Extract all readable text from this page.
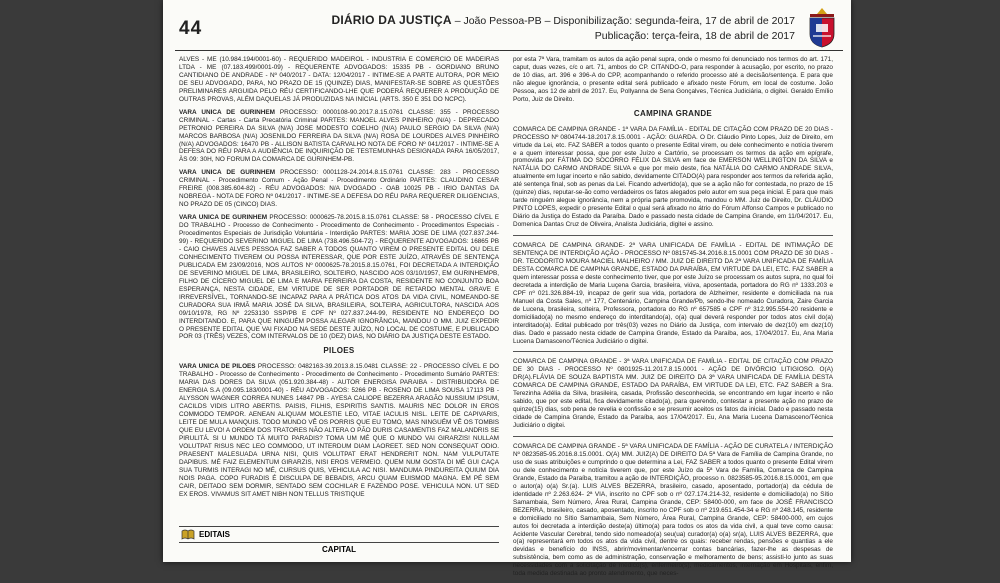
44	DIÁRIO DA JUSTIÇA – João Pessoa-PB – Disponibilização: segunda-feira, 17 de abril de 2017
Publicação: terça-feira, 18 de abril de 2017

ALVES - ME (10.984.194/0001-60) - REQUERIDO MADEIROL - INDUSTRIA E COMERCIO DE MADEIRAS LTDA - ME (07.183.499/0001-09) - REQUERENTE ADVOGADOS: 15335 PB - GORDIANO BRUNO CANTIDIANO DE ANDRADE - Nº 040/2017 - DATA: 12/04/2017 - INTIME-SE A PARTE AUTORA, POR MEIO DE SEU ADVOGADO, PARA, NO PRAZO DE 15 (QUINZE) DIAS, MANIFESTAR-SE SOBRE AS QUESTÕES PRELIMINARES ARGUIDA PELO RÉU CERTIFICANDO-LHE QUE PODERÁ REQUERER A PRODUÇÃO DE OUTRAS PROVAS, ALÉM DAQUELAS JÁ PRODUZIDAS NA INICIAL (ARTS. 350 E 351 DO NCPC).

VARA UNICA DE GURINHEM PROCESSO: 0000108-90.2017.8.15.0761 CLASSE: 355 - PROCESSO CRIMINAL - Cartas - Carta Precatória Criminal PARTES: MANOEL ALVES PINHEIRO (N/A) - DEPRECADO PETRONIO PEREIRA DA SILVA (N/A) JOSE MODESTO COELHO (N/A) PAULO SERGIO DA SILVA (N/A) MARCOS BARBOSA (N/A) JOSENILDO FERREIRA DA SILVA (N/A) ROSA DE LOURDES ALVES PINHEIRO (N/A) ADVOGADOS: 16470 PB - ALLISON BATISTA CARVALHO NOTA DE FORO Nº 041/2017 - INTIME-SE A DEFESA DO RÉU PARA A AUDIÊNCIA DE INQUIRIÇÃO DE TESTEMUNHAS DESIGNADA PARA 16/05/2017, ÀS 09: 30H, NO FORUM DA COMARCA DE GURINHEM-PB.

VARA UNICA DE GURINHEM PROCESSO: 0001128-24.2014.8.15.0761 CLASSE: 283 - PROCESSO CRIMINAL - Procedimento Comum - Ação Penal - Procedimento Ordinário PARTES: CLAUDINO CESAR FREIRE (008.385.604-82) - RÉU ADVOGADOS: N/A DVOGADO - OAB 10025 PB - IRIO DANTAS DA NOBREGA - NOTA DE FORO Nº 041/2017 - INTIME-SE A DEFESA DO RÉU PARA REQUERER DILIGENCIAS, NO PRAZO DE 05 (CINCO) DIAS.

VARA UNICA DE GURINHEM PROCESSO: 0000625-78.2015.8.15.0761 CLASSE: 58 - PROCESSO CÍVEL E DO TRABALHO - Processo de Conhecimento - Procedimento de Conhecimento - Procedimentos Especiais - Procedimentos Especiais de Jurisdição Voluntária - Interdição PARTES: MARIA JOSE DE LIMA (027.837.244-99) - REQUERIDO SEVERINO MIGUEL DE LIMA (738.496.504-72) - REQUERENTE ADVOGADOS: 16865 PB - CAIO CHAVES ALVES PESSOA FAZ SABER A TODOS QUANTO VIREM O PRESENTE EDITAL OU DELE CONHECIMENTO TIVEREM OU POSSA INTERESSAR, QUE POR ESTE JUÍZO, ATRAVÉS DE SENTENÇA PUBLICADA EM 23/09/2016, NOS AUTOS Nº 0000625-78.2015.8.15.0761, FOI DECRETADA A INTERDIÇÃO DE SEVERINO MIGUEL DE LIMA, BRASILEIRO, SOLTEIRO, NASCIDO AOS 03/10/1957, EM GURINHEMPB, FILHO DE CÍCERO MIGUEL DE LIMA E MARIA FERREIRA DA COSTA, RESIDENTE NO CONJUNTO BOA ESPERANÇA, NESTA CIDADE, EM VIRTUDE DE SER PORTADOR DE RETARDO MENTAL GRAVE E IRREVERSÍVEL, TORNANDO-SE INCAPAZ PARA A PRÁTICA DOS ATOS DA VIDA CIVIL, NOMEANDO-SE CURADORA SUA IRMÃ MARIA JOSÉ DA SILVA, BRASILEIRA, SOLTEIRA, AGRICULTORA, NASCIDA AOS 09/10/1978, RG Nº 2253130 SSP/PB E CPF Nº 027.837.244-99, RESIDENTE NO ENDEREÇO DO INTERDITANDO. E, PARA QUE NINGUÉM POSSA ALEGAR IGNORÂNCIA, MANDOU O MM. JUIZ EXPEDIR O PRESENTE EDITAL QUE VAI FIXADO NA SEDE DESTE JUÍZO, NO LOCAL DE COSTUME, E PUBLICADO POR 03 (TRÊS) VEZES, COM INTERVALOS DE 10 (DEZ) DIAS, NO DIÁRIO DA JUSTIÇA DESTE ESTADO.

PILOES

VARA UNICA DE PILOES PROCESSO: 0482163-39.2013.8.15.0481 CLASSE: 22 - PROCESSO CÍVEL E DO TRABALHO - Processo de Conhecimento - Procedimento de Conhecimento - Procedimento Sumário PARTES: MARIA DAS DORES DA SILVA (051.920.384-48) - AUTOR ENERGISA PARAIBA - DISTRIBUIDORA DE ENERGIA S.A (09.095.183/0001-40) - RÉU ADVOGADOS: 5266 PB - ROSENO DE LIMA SOUSA 17113 PB - ALYSSON WAGNER CORREA NUNES 14847 PB - AYESA CALIOPE BEZERRA ARAGÃO NUSSIUM IPSUM, CACILDS VIDIS LITRO ABERTIS. PAISIS, FILHIS, ESPIRITIS SANTIS. MAURIS NEC DOLOR IN EROS COMMODO TEMPOR. AENEAN ALIQUAM MOLESTIE LEO, VITAE IACULIS NISL. LEITE DE CAPIVARIS, LEITE DE MULA MANQUIS. TODO MUNDO VÊ OS PORRIS QUE EU TOMO, MAS NINGUÉM VÊ OS TOMBIS QUE EU LEVO! A ORDEM DOS TRATORES NÃO ALTERA O PÃO DURIS CASAMENTIS FAZ MALANDRIS SE PIRULITÁ. SI U MUNDO TÁ MUITO PARADIS? TOMA UM MÉ QUE O MUNDO VAI GIRARZIS! NULLAM VOLUTPAT RISUS NEC LEO COMMODO, UT INTERDUM DIAM LAOREET. SED NON CONSEQUAT ODIO. PRAESENT MALESUADA URNA NISI, QUIS VOLUTPAT ERAT HENDRERIT NON. NAM VULPUTATE DAPIBUS. MÉ FAIZ ELEMENTUM GIRARZIS, NISI EROS VERMEIO. QUEM NUM GOSTA DI MÉ GUI CAÇA SUA TURMIS INTERAGI NO MÉ, CURSUS QUIS, VEHICULA AC NISI. MANDUMA PINDUREITA QUIUM DIA NOIS PAGA. COPO FURADIS É DISCULPA DE BEBADIS, ARCU QUAM EUISMOD MAGNA. EM PÉ SEM CAIR, DEITADO SEM DORMIR, SENTADO SEM COCHILAR E FAZENDO POSE. VEHICULA NON. UT SED EX EROS. VIVAMUS SIT AMET NIBH NON TELLUS TRISTIQUE

EDITAIS
CAPITAL

por esta 7ª Vara, tramitam os autos da ação penal supra, onde o mesmo foi denunciado nos termos do art. 171, caput, duas vezes, c/c o art. 71, ambos do CP. CITANDO-O, para responder à acusação, por escrito, no prazo de 10 dias, art. 396 e 396-A do CPP, acompanhando o referido processo até a decisão/sentença. E para que não alegue ignorância, o presente edital será publicado e afixado neste Fórum, em local de costume. João Pessoa, aos 12 de abril de 2017. Eu, Pollyanna de Sena Gonçalves, Técnica Judiciária, o digitei. Geraldo Emílio Porto, Juiz de Direito.

CAMPINA GRANDE

COMARCA DE CAMPINA GRANDE - 1ª VARA DA FAMÍLIA - EDITAL DE CITAÇÃO COM PRAZO DE 20 DIAS - PROCESSO Nº 0804744-18.2017.8.15.0001 - AÇÃO: GUARDA. O Dr. Cláudio Pinto Lopes, Juiz de Direito, em virtude da Lei, etc. FAZ SABER a todos quanto o presente Edital virem, ou dele conhecimento e notícia tiverem e a quem interessar possa, que por este Juízo e Cartório, se processam os termos da ação em epígrafe, promovida por FÁTIMA DO SOCORRO FÉLIX DA SILVA em face de EMERSON WELLINGTON DA SILVA e NATÁLIA DO CARMO ANDRADE SILVA e que por meio deste, fica NATÁLIA DO CARMO ANDRADE SILVA, atualmente em lugar incerto e não sabido, devidamente CITADO(A) para responder aos termos da referida ação, até sentença final, sob as penas da Lei. Ficando advertido(a), que se a ação não for contestada, no prazo de 15 (quinze) dias, reputar-se-ão como verdadeiros os fatos alegados pelo autor em sua peça inicial. E para que mais tarde ninguém alegue ignorância, nem a própria parte promovida, mandou o MM. Juiz de Direito, Dr. CLÁUDIO PINTO LOPES, expedir o presente Edital o qual será afixado no átrio do Fórum Affonso Campos e publicado no Diário da Justiça do Estado da Paraíba. Dado e passado nesta cidade de Campina Grande, em 11/04/2017. Eu, Domenica Dantas Cruz de Oliveira, Analista Judiciária, digitei e assino.

COMARCA DE CAMPINA GRANDE- 2ª VARA UNIFICADA DE FAMÍLIA - EDITAL DE INTIMAÇÃO DE SENTENÇA DE INTERDIÇÃO AÇÃO - PROCESSO Nº 0815745-34.2016.8.15.0001 COM PRAZO DE 30 DIAS - DR. TEODORITO MOURA MACIEL MALHEIRO / MM. JUIZ DE DIREITO DA 2ª VARA UNIFICADA DE FAMÍLIA DESTA COMARCA DE CAMPINA GRANDE, ESTADO DA PARAÍBA, EM VIRTUDE DA LEI, ETC. FAZ SABER a quem interessar possa e deste conhecimento tiver, que por este Juízo se processam os autos supra, no qual foi decretada a interdição de Maria Luçena Garcia, brasileira, viúva, aposentada, portadora do RG nº 1333.203 e CPF nº 021.326.884-19, incapaz de gerir sua vida, portadora de Alzheimer, residente e domiciliada na rua Manuel da Costa Sales, nº 177, Centenário, Campina Grande/Pb, sendo-lhe nomeado Curadora, Zaire Garcia de Lucena, brasileira, solteira, Professora, portadora do RG nº 657585 e CPF nº 312.995.554-20 residente e domiciliado(a) no mesmo endereço do interditando(a), o(a) qual deverá responder por todos atos civil do(a) interditado(a). Edital publicado por três(03) vezes no Diário da Justiça, com intervalo de dez(10) em dez(10) dias. Dado e passado nesta cidade de Campina Grande, Estado da Paraíba, aos, 17/04/2017. Eu, Ana Maria Lucena Damasceno/Técnica Judiciário o digitei.

COMARCA DE CAMPINA GRANDE - 3ª VARA UNIFICADA DE FAMÍLIA - EDITAL DE CITAÇÃO COM PRAZO DE 30 DIAS - PROCESSO Nº 0801925-11.2017.8.15.0001 - AÇÃO DE DIVÓRCIO LITIGIOSO. O(A) DR(A).FLÁVIA DE SOUZA BAPTISTA MM. JUIZ DE DIREITO DA 3ª VARA UNIFICADA DE FAMÍLIA DESTA COMARCA DE CAMPINA GRANDE, ESTADO DA PARAÍBA, EM VIRTUDE DA LEI, ETC. FAZ SABER a Sra. Terezinha Adélia da Silva, brasileira, casada, Profissão desconhecida, se encontrando em lugar incerto e não sabido, que por este edital, fica devidamente citado(a), para querendo, contestar a presente ação no prazo de quinze(15) dias, sob pena de revelia e confissão e se presumir aceitos os fatos da inicial. Dado e passado nesta cidade de Campina Grande, Estado da Paraíba, aos 17/04/2017. Eu, Ana Maria Lucena Damasceno/Técnica Judiciário o digitei.

COMARCA DE CAMPINA GRANDE - 5ª VARA UNIFICADA DE FAMÍLIA - AÇÃO DE CURATELA / INTERDIÇÃO Nº 0823585-95.2016.8.15.0001. O(A) MM. JUIZ(A) DE DIREITO DA 5ª Vara de Família de Campina Grande, no uso de suas atribuições e cumprindo o que determina a Lei, FAZ SABER a todos quanto o presente Edital virem ou dele conhecimento e notícia tiverem que, por este Juízo da 5ª Vara de Família, Comarca de Campina Grande, Estado da Paraíba, tramitou a ação de INTERDIÇÃO, processo n. 0823585-95.2016.8.15.0001, em que o autor(a) o(a) Sr.(a). LUIS ALVES BEZERRA, brasileiro, casado, aposentado, portador(a) da cédula de identidade nº 2.263.624- 2ª VIA, inscrito no CPF sob o nº 027.174.214-32, residente e domiciliado(a) no Sítio Samambaia, Sem Número, Área Rural, Campina Grande, CEP: 58400-000, em face de JOSÉ FRANCISCO BEZERRA, brasileiro, casado, aposentado, inscrito no CPF sob o nº 219.651.454-34 e RG nº 248.145, residente e domiciliado no Sítio Samambaia, Sem Número, Área Rural, Campina Grande, CEP: 58400-000, em cujos autos foi decretada a interdição deste(a) último(a) para todos os atos da vida civil, a qual teve como causa: Acidente Vascular Cerebral, tendo sido nomeado(a) seu(ua) curador(a) o(a) sr(a), LUIS ALVES BEZERRA, que o(a) representará em todos os atos da vida civil, dentre os quais: receber rendas, pensões e quantias a ele devidas e benefício do INSS, abrir/movimentar/encerrar contas bancárias, fazer-lhe as despesas de subsistência, bem como as de administração, conservação e melhoramento de bens; assisti-lo junto as suas necessidades com a solicitação de médico(s), enfermeiro(s), medicamentos, internação em Hospitais, enfim, toda medida destinada ao pronto atendimento, que neces-
